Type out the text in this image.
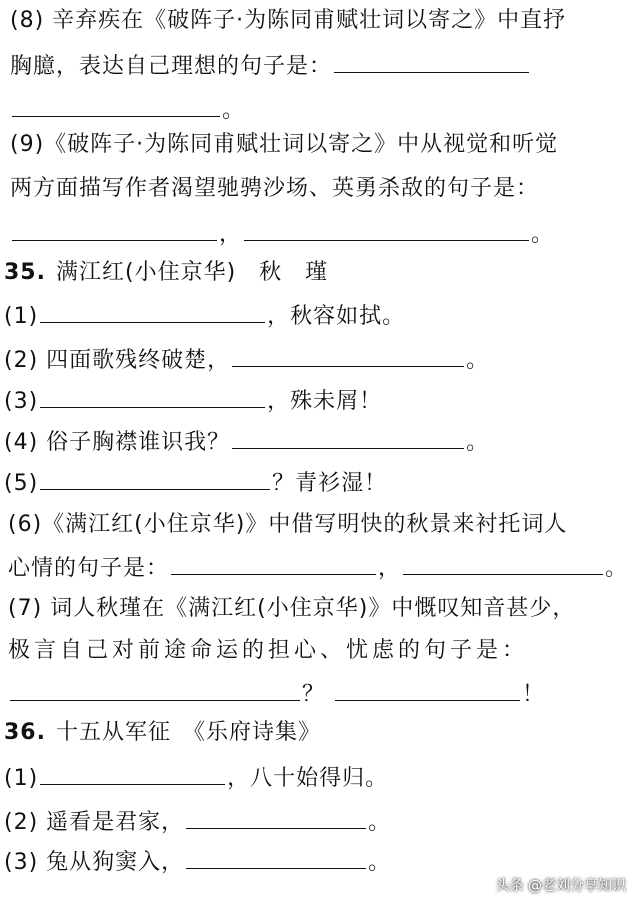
(8) 辛弃疾在《破阵子·为陈同甫赋壮词以寄之》中直抒
胸臆，表达自己理想的句子是：
。
(9)《破阵子·为陈同甫赋壮词以寄之》中从视觉和听觉
两方面描写作者渴望驰骋沙场、英勇杀敌的句子是：
，	。
35. 满江红(小住京华)　秋　瑾
(1)	，秋容如拭。
(2) 四面歌残终破楚，	。
(3)	，殊未屑！
(4) 俗子胸襟谁识我？	。
(5)	？青衫湿！
(6)《满江红(小住京华)》中借写明快的秋景来衬托词人
心情的句子是：	，	。
(7) 词人秋瑾在《满江红(小住京华)》中慨叹知音甚少，
极言自己对前途命运的担心、忧虑的句子是：
？	！
36. 十五从军征　《乐府诗集》
(1)	，八十始得归。
(2) 遥看是君家，	。
(3) 兔从狗窦入，	。
头条 @老刘分享知识
